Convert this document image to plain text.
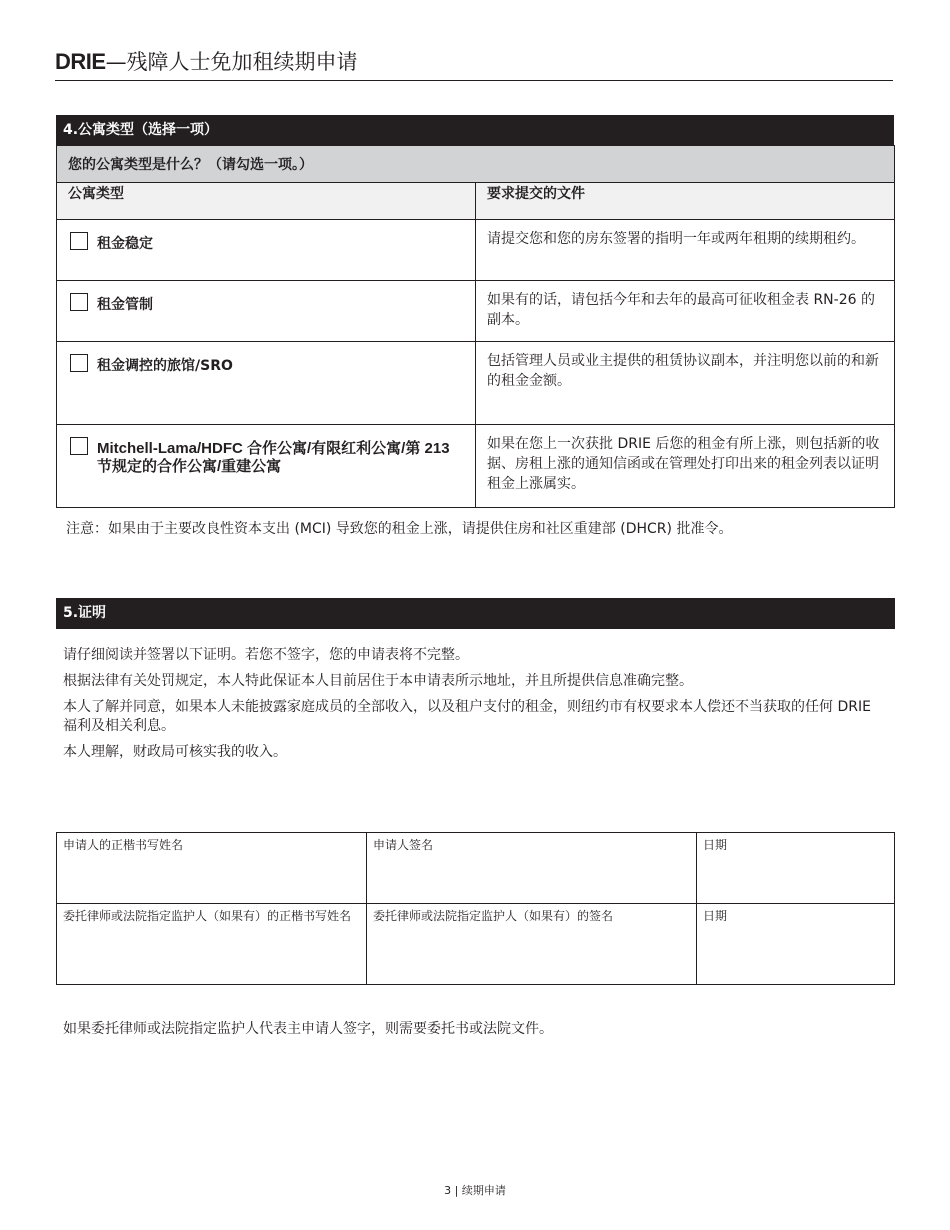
DRIE—残障人士免加租续期申请
4.公寓类型（选择一项）
您的公寓类型是什么？（请勾选一项。）	
公寓类型	要求提交的文件

租金稳定	请提交您和您的房东签署的指明一年或两年租期的续期租约。

租金管制	如果有的话，请包括今年和去年的最高可征收租金表 RN-26 的副本。

租金调控的旅馆/SRO	包括管理人员或业主提供的租赁协议副本，并注明您以前的和新的租金金额。

Mitchell-Lama/HDFC 合作公寓/有限红利公寓/第 213 节规定的合作公寓/重建公寓	如果在您上一次获批 DRIE 后您的租金有所上涨，则包括新的收据、房租上涨的通知信函或在管理处打印出来的租金列表以证明租金上涨属实。
注意：如果由于主要改良性资本支出 (MCI) 导致您的租金上涨，请提供住房和社区重建部 (DHCR) 批准令。
5.证明

请仔细阅读并签署以下证明。若您不签字，您的申请表将不完整。

根据法律有关处罚规定，本人特此保证本人目前居住于本申请表所示地址，并且所提供信息准确完整。

本人了解并同意，如果本人未能披露家庭成员的全部收入，以及租户支付的租金，则纽约市有权要求本人偿还不当获取的任何 DRIE 福利及相关利息。

本人理解，财政局可核实我的收入。

申请人的正楷书写姓名	申请人签名	日期
委托律师或法院指定监护人（如果有）的正楷书写姓名	委托律师或法院指定监护人（如果有）的签名	日期
如果委托律师或法院指定监护人代表主申请人签字，则需要委托书或法院文件。
3 | 续期申请
